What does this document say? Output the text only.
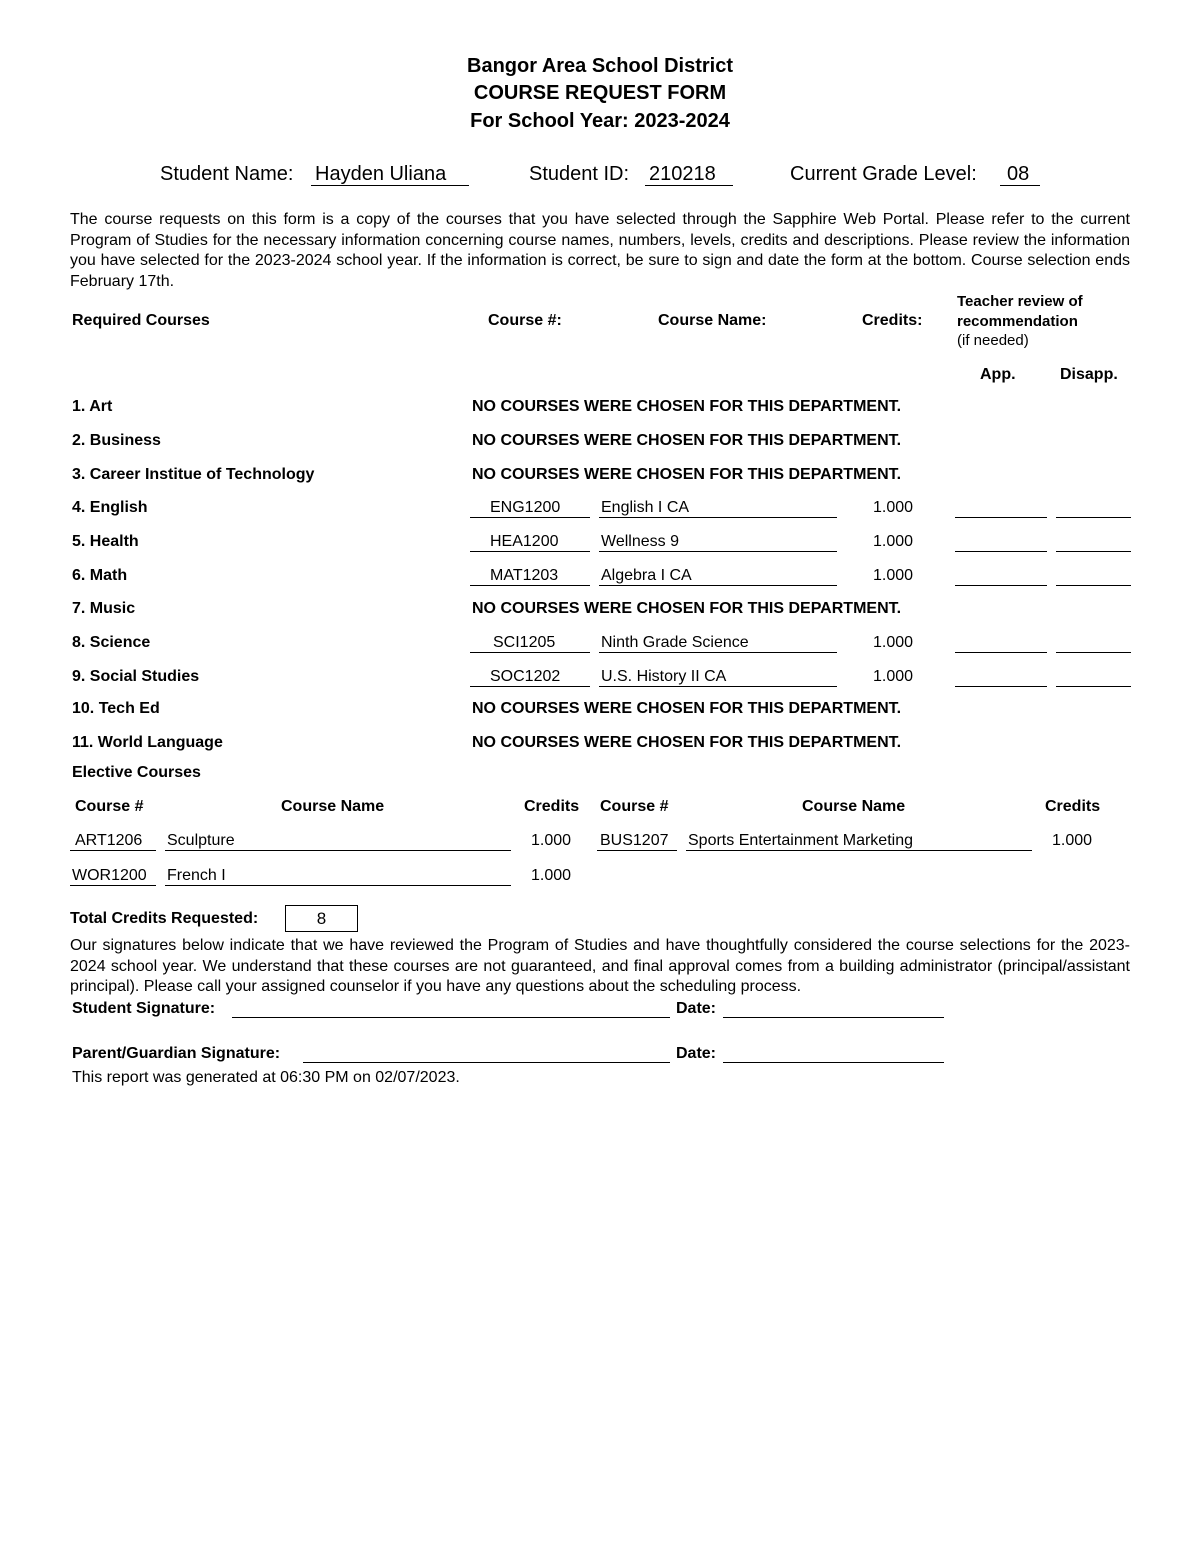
Bangor Area School District
COURSE REQUEST FORM
For School Year: 2023-2024
Student Name: Hayden Uliana	Student ID: 210218	Current Grade Level:	08
The course requests on this form is a copy of the courses that you have selected through the Sapphire Web Portal. Please refer to the current Program of Studies for the necessary information concerning course names, numbers, levels, credits and descriptions. Please review the information you have selected for the 2023-2024 school year. If the information is correct, be sure to sign and date the form at the bottom. Course selection ends February 17th.
Required Courses	Course #:	Course Name:	Credits:
Teacher review of
recommendation
(if needed)
App.	Disapp.
1. Art	NO COURSES WERE CHOSEN FOR THIS DEPARTMENT.
2. Business	NO COURSES WERE CHOSEN FOR THIS DEPARTMENT.
3. Career Institue of Technology	NO COURSES WERE CHOSEN FOR THIS DEPARTMENT.
4. English	ENG1200	English I CA	1.000
5. Health	HEA1200	Wellness 9	1.000
6. Math	MAT1203	Algebra I CA	1.000
7. Music	NO COURSES WERE CHOSEN FOR THIS DEPARTMENT.
8. Science	SCI1205	Ninth Grade Science	1.000
9. Social Studies	SOC1202	U.S. History II CA	1.000
10. Tech Ed	NO COURSES WERE CHOSEN FOR THIS DEPARTMENT.
11. World Language	NO COURSES WERE CHOSEN FOR THIS DEPARTMENT.
Elective Courses
Course #	Course Name	Credits Course #	Course Name	Credits
ART1206 Sculpture	1.000 BUS1207 Sports Entertainment Marketing	1.000
WOR1200 French I	1.000
Total Credits Requested:	8
Our signatures below indicate that we have reviewed the Program of Studies and have thoughtfully considered the course selections for the 2023-2024 school year. We understand that these courses are not guaranteed, and final approval comes from a building administrator (principal/assistant principal). Please call your assigned counselor if you have any questions about the scheduling process.
Student Signature:	Date:
Parent/Guardian Signature:	Date:
This report was generated at 06:30 PM on 02/07/2023.
